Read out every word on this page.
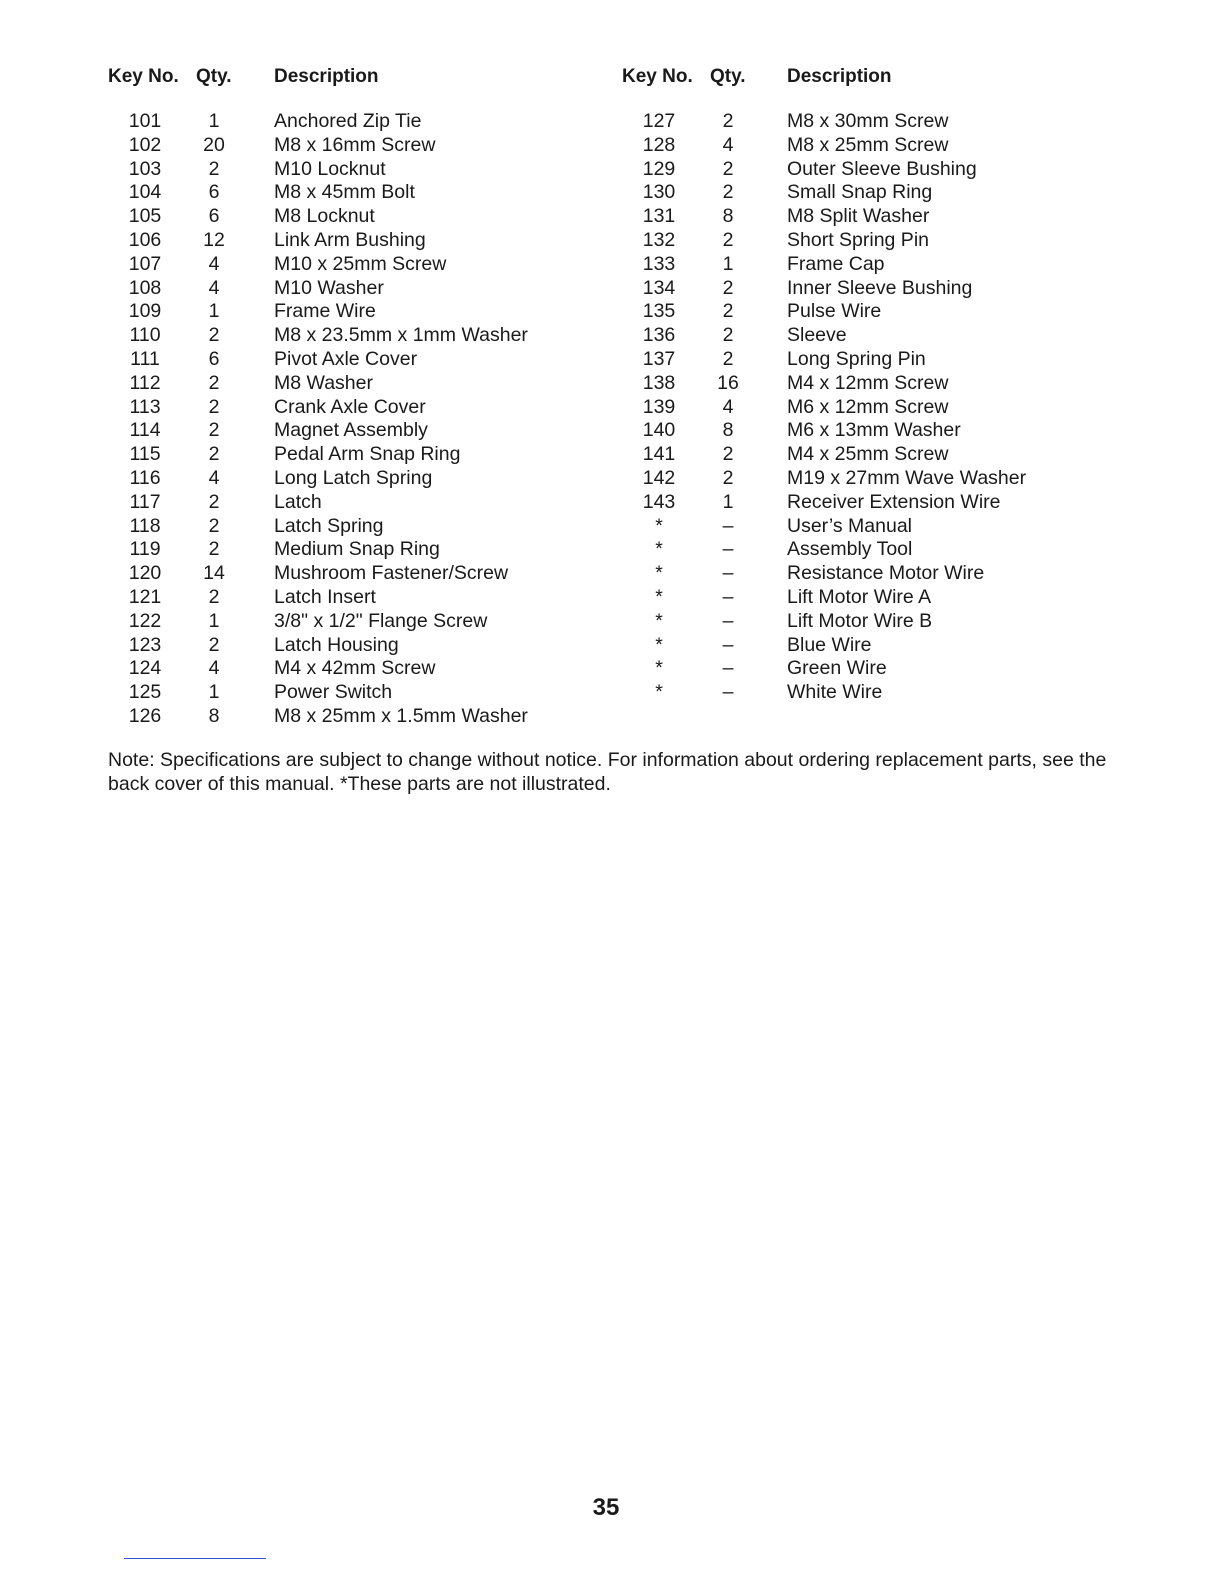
Key No. Qty. Description
101	1	Anchored Zip Tie
102	20	M8 x 16mm Screw
103	2	M10 Locknut
104	6	M8 x 45mm Bolt
105	6	M8 Locknut
106	12	Link Arm Bushing
107	4	M10 x 25mm Screw
108	4	M10 Washer
109	1	Frame Wire
110	2	M8 x 23.5mm x 1mm Washer
111	6	Pivot Axle Cover
112	2	M8 Washer
113	2	Crank Axle Cover
114	2	Magnet Assembly
115	2	Pedal Arm Snap Ring
116	4	Long Latch Spring
117	2	Latch
118	2	Latch Spring
119	2	Medium Snap Ring
120	14	Mushroom Fastener/Screw
121	2	Latch Insert
122	1	3/8" x 1/2" Flange Screw
123	2	Latch Housing
124	4	M4 x 42mm Screw
125	1	Power Switch
126	8	M8 x 25mm x 1.5mm Washer
Key No. Qty. Description
127	2	M8 x 30mm Screw
128	4	M8 x 25mm Screw
129	2	Outer Sleeve Bushing
130	2	Small Snap Ring
131	8	M8 Split Washer
132	2	Short Spring Pin
133	1	Frame Cap
134	2	Inner Sleeve Bushing
135	2	Pulse Wire
136	2	Sleeve
137	2	Long Spring Pin
138	16	M4 x 12mm Screw
139	4	M6 x 12mm Screw
140	8	M6 x 13mm Washer
141	2	M4 x 25mm Screw
142	2	M19 x 27mm Wave Washer
143	1	Receiver Extension Wire
*	–	User’s Manual
*	–	Assembly Tool
*	–	Resistance Motor Wire
*	–	Lift Motor Wire A
*	–	Lift Motor Wire B
*	–	Blue Wire
*	–	Green Wire
*	–	White Wire
Note: Specifications are subject to change without notice. For information about ordering replacement parts, see the back cover of this manual. *These parts are not illustrated.
35
